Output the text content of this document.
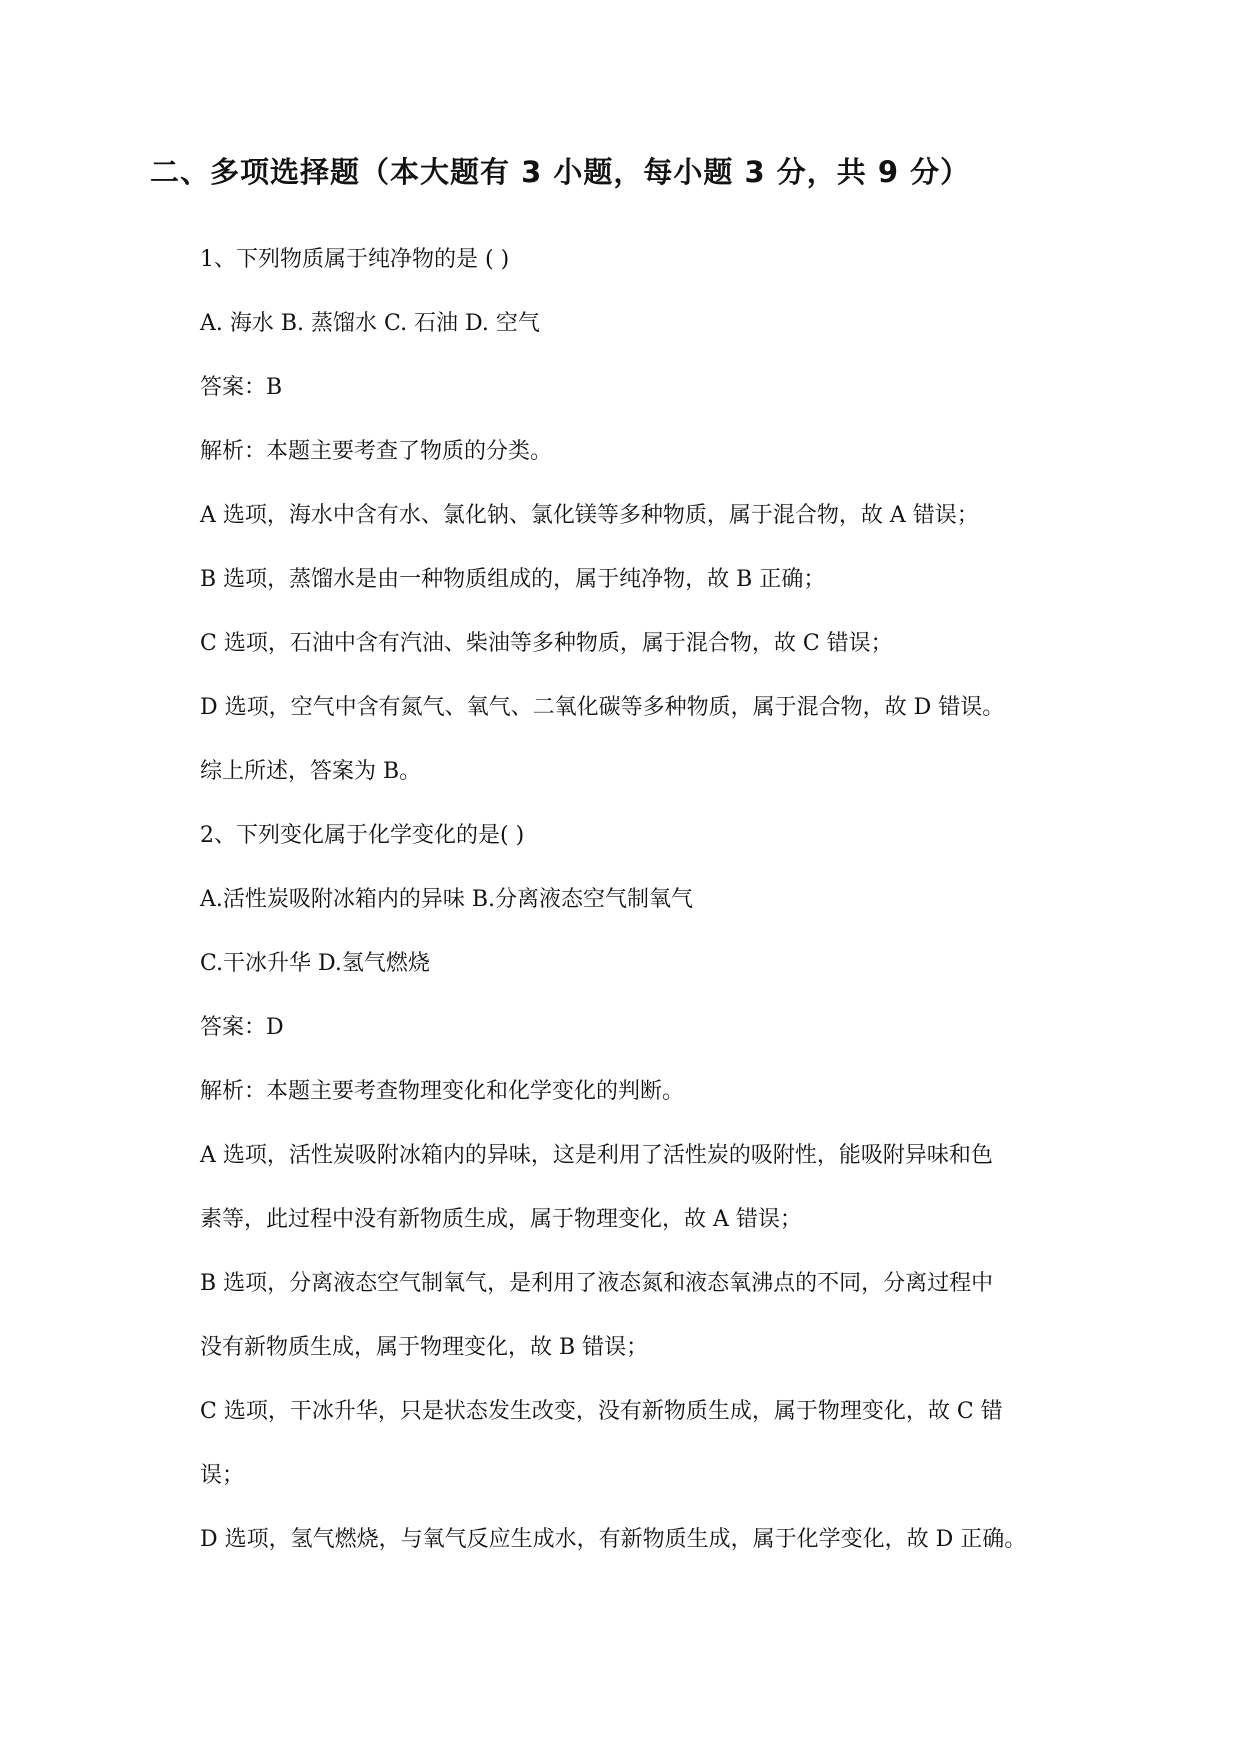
二、多项选择题（本大题有 3 小题，每小题 3 分，共 9 分）
1、下列物质属于纯净物的是 ( )
A. 海水 B. 蒸馏水 C. 石油 D. 空气
答案：B
解析：本题主要考查了物质的分类。
A 选项，海水中含有水、氯化钠、氯化镁等多种物质，属于混合物，故 A 错误；
B 选项，蒸馏水是由一种物质组成的，属于纯净物，故 B 正确；
C 选项，石油中含有汽油、柴油等多种物质，属于混合物，故 C 错误；
D 选项，空气中含有氮气、氧气、二氧化碳等多种物质，属于混合物，故 D 错误。
综上所述，答案为 B。
2、下列变化属于化学变化的是( )
A.活性炭吸附冰箱内的异味 B.分离液态空气制氧气
C.干冰升华 D.氢气燃烧
答案：D
解析：本题主要考查物理变化和化学变化的判断。
A 选项，活性炭吸附冰箱内的异味，这是利用了活性炭的吸附性，能吸附异味和色
素等，此过程中没有新物质生成，属于物理变化，故 A 错误；
B 选项，分离液态空气制氧气，是利用了液态氮和液态氧沸点的不同，分离过程中
没有新物质生成，属于物理变化，故 B 错误；
C 选项，干冰升华，只是状态发生改变，没有新物质生成，属于物理变化，故 C 错
误；
D 选项，氢气燃烧，与氧气反应生成水，有新物质生成，属于化学变化，故 D 正确。
